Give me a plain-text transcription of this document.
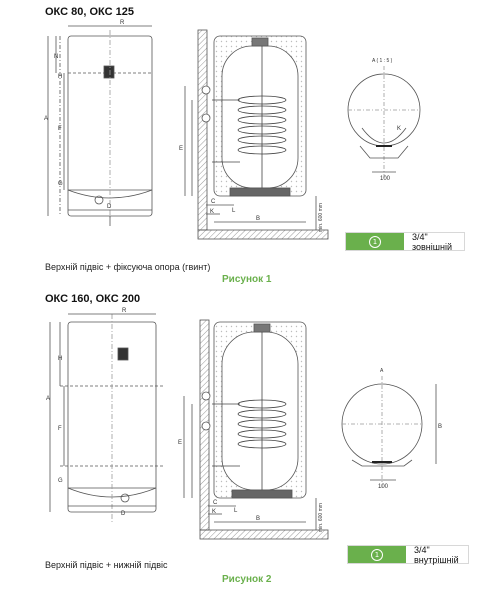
ОКС 80, ОКС 125
R
N
H
A
F
G
D
E
C
K	L
B	min. 600 mm
A ( 1 : 5 )
K
100
1	3/4" зовнішній
Верхній підвіс + фіксуюча опора (гвинт)
Рисунок 1
ОКС 160, ОКС 200
R
H
A
F
G
D
E
C
K	L
B	min. 600 mm
A
B
100
1	3/4" внутрішній
Верхній підвіс + нижній підвіс
Рисунок 2
